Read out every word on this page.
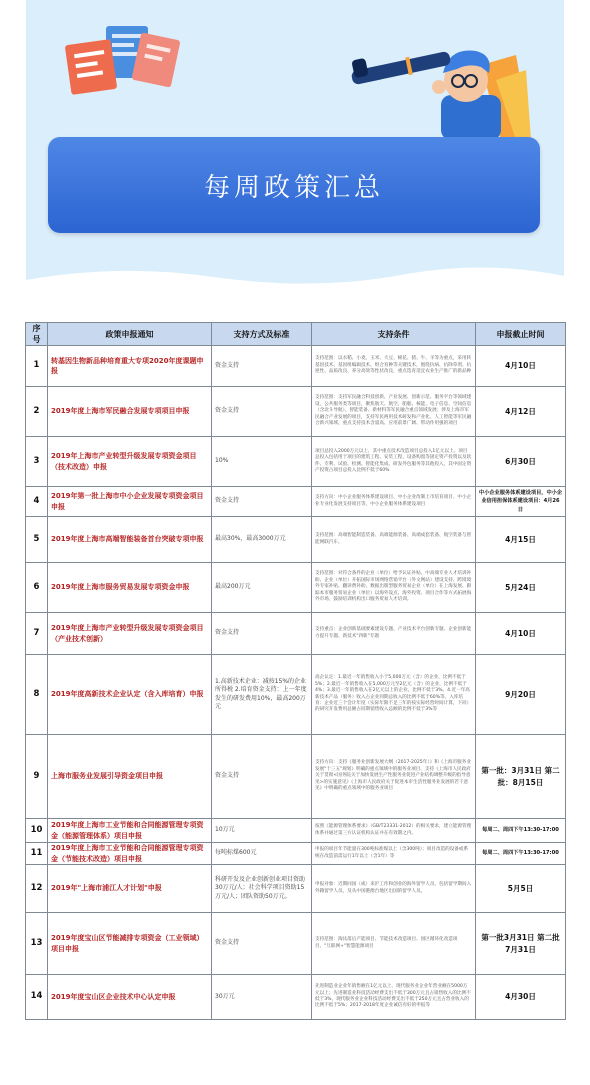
每周政策汇总
序号	政策申报通知	支持方式及标准	支持条件	申报截止时间
1	转基因生物新品种培育重大专项2020年度课题申报	资金支持	支持范围：以水稻、小麦、玉米、大豆、棉花、猪、牛、羊等为重点，采用转基因技术、基因组编辑技术、组合育种等关键技术，围绕抗病、抗除草剂、抗逆性、品质改良、养分高效等性状改良，重点选育适宜农业生产推广的新品种	4月10日
2	2019年度上海市军民融合发展专项项目申报	资金支持	支持范围：支持军民融合科技创新、产业发展、创新示范、服务平台等领域建设，公共服务类等项目，聚焦航天、航空、船舶、核能、电子信息、空间信息（含北斗导航）、智能装备、新材料等军民融合重点领域发展；涉及上海市军民融合产业发展的项目，支持军民两用技术研发和产业化、人工智能等军民融合新兴领域、重点支持技术含量高、应用前景广阔、带动作用强的项目	4月12日
3	2019年上海市产业转型升级发展专项资金项目（技术改造）申报	10%	项目总投入2000万元以上，其中重点技术改造项目总投入1亿元以上。项目总投入包括用于项目的建筑工程、安装工程、设备购置等固定资产投资以及软件、专利、试验、检测、智能化集成、研发外包服务等其他投入，其中固定资产投资占项目总投入比例不低于60%	6月30日
4	2019年第一批上海市中小企业发展专项资金项目申报	资金支持	支持方向：中小企业服务体系建设项目、中小企业改制上市培育项目、中小企业专业化发展支持项目等，中小企业服务体系建设项目	中小企业服务体系建设项目，中小企业信用担保体系建设项目：4月26日
5	2019年度上海市高端智能装备首台突破专项申报	最高30%，最高3000万元	支持范围：高端智能制造装备、高端能源装备、高端成套装备、航空装备与智能网联汽车。	4月15日
6	2019年度上海市服务贸易发展专项资金申报	最高200万元	支持范围：对符合条件的企业（单位）给予认证补贴、中高端专业人才培训补助、企业（单位）开拓国际市场网络营销平台（外文网站）建设支持、跨境境外专家补贴、翻译费补助、数据出版型服务贸易企业（单位）在上海发展、跟踪本市服务贸易企业（单位）以海外设点、海外投资、项目合作等方式拓展海外市场，鼓励培训机构出口服务贸易人才培训。	5月24日
7	2019年度上海市产业转型升级发展专项资金项目（产业技术创新）	资金支持	支持重点：企业创新基础要素建设专题、产业技术平台创新专题、企业创新能力提升专题、新技术"四新"专题	4月10日
8	2019年度高新技术企业认定（含入库培育）申报	1.高新技术企业：减按15%的企业所得税 2.培育资金支持：上一年度发生的研发费用10%，最高200万元	高企认定：1.最近一年销售收入小于5,000万元（含）的企业，比例不低于5%；2.最近一年销售收入在5,000万元至2亿元（含）的企业，比例不低于4%；3.最近一年销售收入在2亿元以上的企业，比例不低于3%。4.近一年高新技术产品（服务）收入占企业同期总收入的比例不低于60%等。入库培育：企业近三个会计年度（实际年限不足三年的按实际经营时间计算，下同）的研究开发费用总额占同期销售收入总额的比例不低于3%等	9月20日
9	上海市服务业发展引导资金项目申报	资金支持	支持方向：支持《服务业创新发展大纲（2017-2025年）》和《上海市服务业发展"十三五"规划》明确的重点领域中的服务业项目、支持《上海市人民政府关于贯彻<国务院关于加快发展生产性服务业促进产业结构调整升级的指导意见>的实施意见》《上海市人民政府关于促进本市生活性服务业发展的若干意见》中明确的重点领域中的服务业项目	第一批：3月31日 第二批：8月15日
10	2019年度上海市工业节能和合同能源管理专项资金（能源管理体系）项目申报	10万元	按照《能源管理体系要求》（GB/T23331-2012）的相关要求，建立能源管理体系并通过第三方认证机构认证并在有效期之内。	每周二、周四下午13:30-17:00
11	2019年度上海市工业节能和合同能源管理专项资金（节能技术改造）项目申报	每吨标煤600元	申报的项目年节能量在300吨标准煤以上（含300吨）；项目改造的设备或系统在改造前需运行1年以上（含1年）等	每周二、周四下午13:30-17:00
12	2019年"上海市浦江人才计划"申报	科研开发及企业创新创业项目资助30万元/人；社会科学项目资助15万元/人；团队资助50万元。	申报对象：近期回国（或）来沪工作和创业的海外留学人员、包括留学期间入外籍留学人员、及从中国港澳台地区出国的留学人员。	5月5日
13	2019年度宝山区节能减排专项资金（工业领域）项目申报	资金支持	支持范围：淘汰落后产能项目、节能技术改造项目、园区循环化改造项目、"互联网+"智慧能源项目	第一批3月31日 第二批7月31日
14	2019年度宝山区企业技术中心认定申报	30万元	先进制造业企业年销售额在1亿元以上，现代服务业企业年营业额在5000万元以上；先进制造业科技活动经费支出不低于300万元且占销售收入的比例不低于3%，现代服务业企业科技活动经费支出不低于250万元且占营业收入的比例不低于5%；2017-2018年度企业诚信有好的申报等	4月30日
